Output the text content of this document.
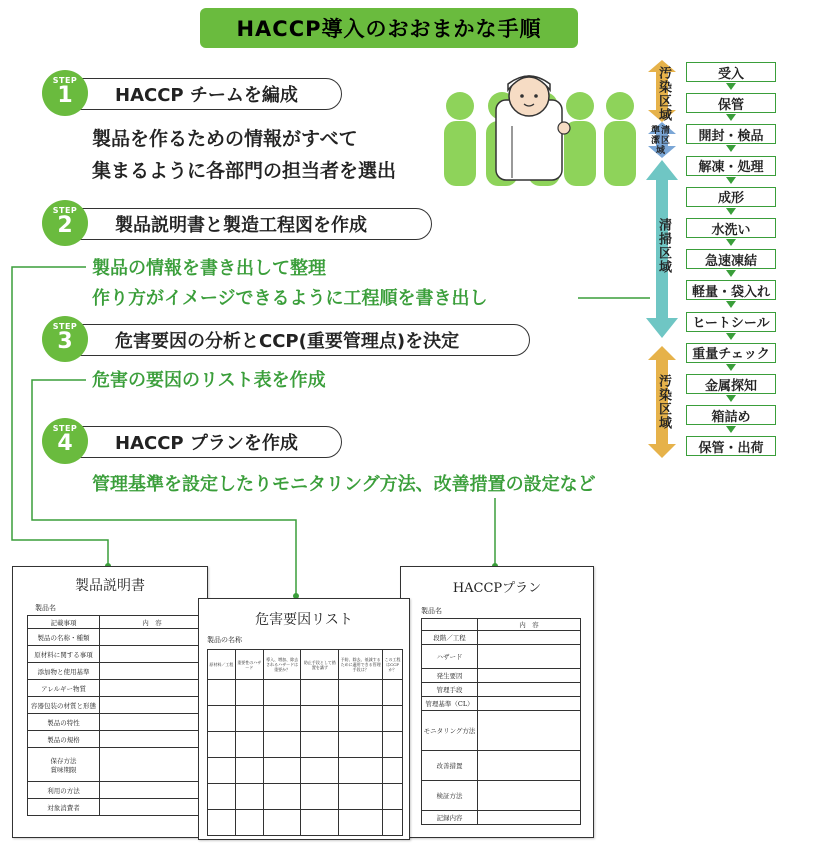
HACCP導入のおおまかな手順
HACCP チームを編成
STEP
1
製品を作るための情報がすべて
集まるように各部門の担当者を選出
製品説明書と製造工程図を作成
STEP
2
製品の情報を書き出して整理
作り方がイメージできるように工程順を書き出し
危害要因の分析とCCP(重要管理点)を決定
STEP
3
危害の要因のリスト表を作成
HACCP プランを作成
STEP
4
管理基準を設定したりモニタリング方法、改善措置の設定など
受入
保管
開封・検品
解凍・処理
成形
水洗い
急速凍結
軽量・袋入れ
ヒートシール
重量チェック
金属探知
箱詰め
保管・出荷
汚染区域
準清潔区域
清掃区域
汚染区域
製品説明書
製品名
記載事項	内　容
製品の名称・種類	
原材料に関する事項	
添加物と使用基準	
アレルギー物質	
容器包装の材質と形態	
製品の特性	
製品の規格	
保存方法
賞味期限	
利用の方法	
対象消費者	
HACCPプラン
製品名
	内　容
段階／工程	
ハザード	
発生要因	
管理手段	
管理基準（CL）	
モニタリング方法	
改善措置	
検証方法	
記録内容	
危害要因リスト
製品の名称
原材料／工程	重要性のハザード	導入、増加、除去されるハザードは重要か？	防止手段として措置を講ず	予防、除去、低減するために適用できる管理手段は？	この工程はCCPか？
